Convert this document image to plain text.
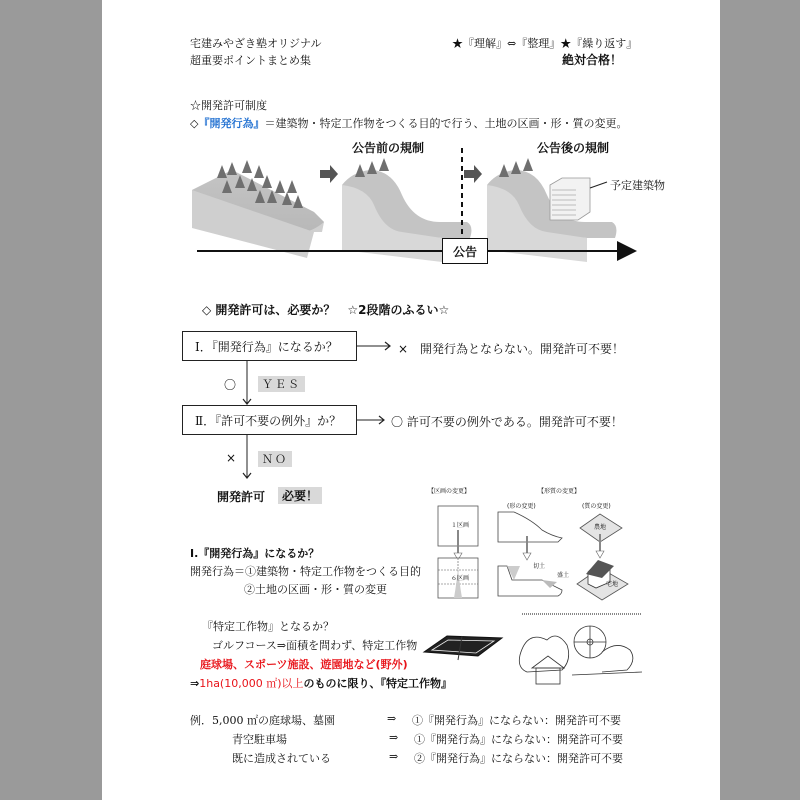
宅建みやざき塾オリジナル
超重要ポイントまとめ集
★『理解』⇔『整理』★『繰り返す』
絶対合格！
☆開発許可制度
◇『開発行為』＝建築物・特定工作物をつくる目的で行う、土地の区画・形・質の変更。
公告前の規制	公告後の規制
予定建築物
公告
◇ 開発許可は、必要か？　☆2段階のふるい☆
Ⅰ．『開発行為』になるか？	×　開発行為とならない。開発許可不要！
〇	ＹＥＳ
Ⅱ．『許可不要の例外』か？	〇 許可不要の例外である。開発許可不要！
×	ＮＯ
開発許可	必要！
Ⅰ.『開発行為』になるか？
開発行為＝①建築物・特定工作物をつくる目的
②土地の区画・形・質の変更
【区画の変更】	【形質の変更】
(形の変更)	(質の変更)
１区画
６区画
切土
盛土
農地
宅地
『特定工作物』となるか？
ゴルフコース⇒面積を問わず、特定工作物
庭球場、スポーツ施設、遊園地など(野外)
⇒1ha(10,000 ㎡)以上のものに限り、『特定工作物』
例．5,000 ㎡の庭球場、墓園	⇒ ①『開発行為』にならない：開発許可不要
青空駐車場	⇒ ①『開発行為』にならない：開発許可不要
既に造成されている	⇒ ②『開発行為』にならない：開発許可不要
